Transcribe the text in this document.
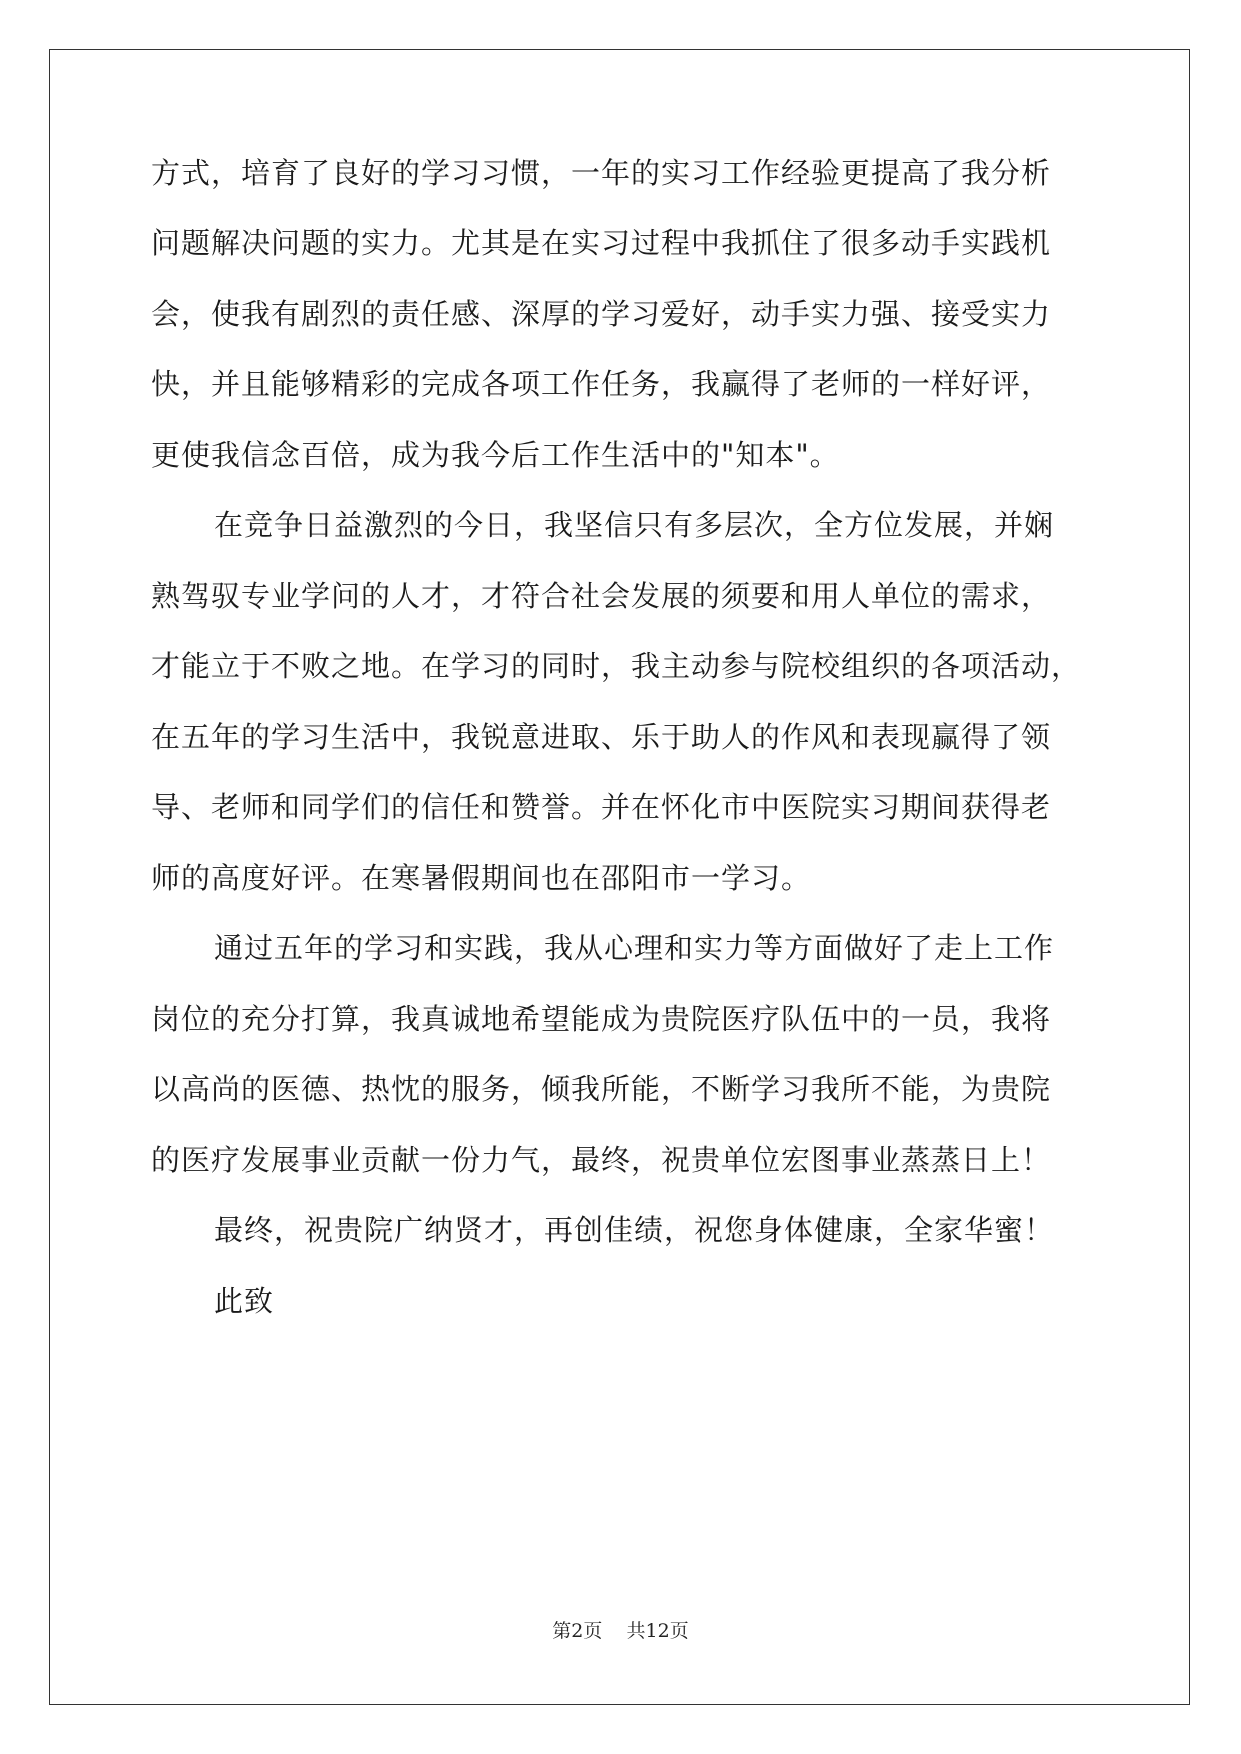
方式，培育了良好的学习习惯，一年的实习工作经验更提高了我分析
问题解决问题的实力。尤其是在实习过程中我抓住了很多动手实践机
会，使我有剧烈的责任感、深厚的学习爱好，动手实力强、接受实力
快，并且能够精彩的完成各项工作任务，我赢得了老师的一样好评，
更使我信念百倍，成为我今后工作生活中的"知本"。
在竞争日益激烈的今日，我坚信只有多层次，全方位发展，并娴
熟驾驭专业学问的人才，才符合社会发展的须要和用人单位的需求，
才能立于不败之地。在学习的同时，我主动参与院校组织的各项活动，
在五年的学习生活中，我锐意进取、乐于助人的作风和表现赢得了领
导、老师和同学们的信任和赞誉。并在怀化市中医院实习期间获得老
师的高度好评。在寒暑假期间也在邵阳市一学习。
通过五年的学习和实践，我从心理和实力等方面做好了走上工作
岗位的充分打算，我真诚地希望能成为贵院医疗队伍中的一员，我将
以高尚的医德、热忱的服务，倾我所能，不断学习我所不能，为贵院
的医疗发展事业贡献一份力气，最终，祝贵单位宏图事业蒸蒸日上！
最终，祝贵院广纳贤才，再创佳绩，祝您身体健康，全家华蜜！
此致
第2页 共12页
